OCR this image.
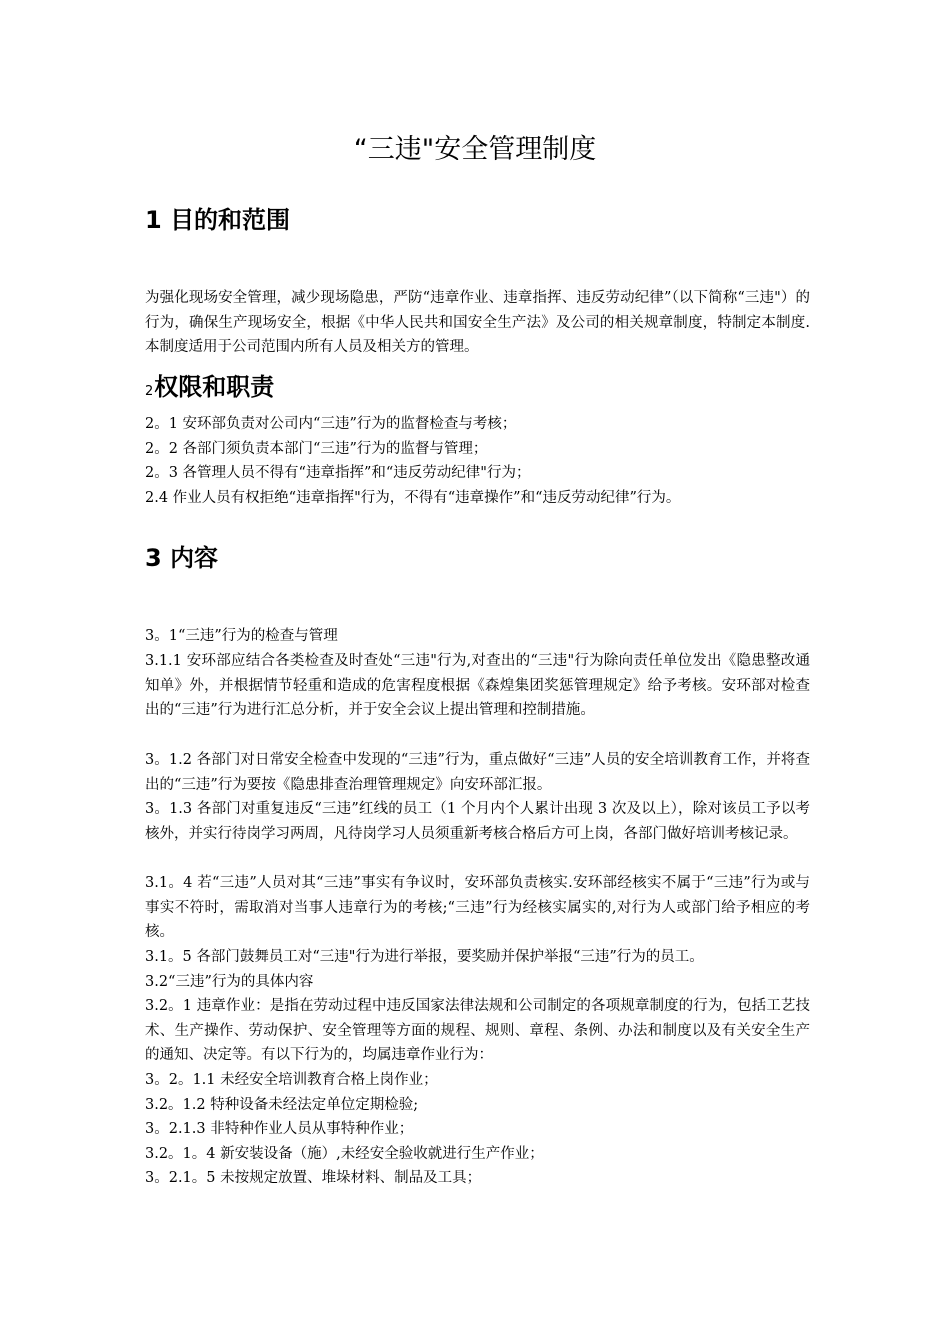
“三违"安全管理制度
1 目的和范围

为强化现场安全管理，减少现场隐患，严防“违章作业、违章指挥、违反劳动纪律”（以下简称“三违"）的行为，确保生产现场安全，根据《中华人民共和国安全生产法》及公司的相关规章制度，特制定本制度.本制度适用于公司范围内所有人员及相关方的管理。

2权限和职责

2。1 安环部负责对公司内“三违”行为的监督检查与考核；

2。2 各部门须负责本部门“三违”行为的监督与管理；

2。3 各管理人员不得有“违章指挥”和“违反劳动纪律"行为；

2.4 作业人员有权拒绝“违章指挥"行为，不得有“违章操作”和“违反劳动纪律”行为。

3 内容

3。1“三违”行为的检查与管理

3.1.1 安环部应结合各类检查及时查处“三违"行为,对查出的“三违"行为除向责任单位发出《隐患整改通知单》外，并根据情节轻重和造成的危害程度根据《森煌集团奖惩管理规定》给予考核。安环部对检查出的“三违”行为进行汇总分析，并于安全会议上提出管理和控制措施。

3。1.2 各部门对日常安全检查中发现的“三违”行为，重点做好“三违”人员的安全培训教育工作，并将查出的“三违”行为要按《隐患排查治理管理规定》向安环部汇报。

3。1.3 各部门对重复违反“三违”红线的员工（1 个月内个人累计出现 3 次及以上），除对该员工予以考核外，并实行待岗学习两周，凡待岗学习人员须重新考核合格后方可上岗，各部门做好培训考核记录。

3.1。4 若“三违”人员对其“三违”事实有争议时，安环部负责核实.安环部经核实不属于“三违”行为或与事实不符时，需取消对当事人违章行为的考核;“三违”行为经核实属实的,对行为人或部门给予相应的考核。

3.1。5 各部门鼓舞员工对“三违"行为进行举报，要奖励并保护举报“三违”行为的员工。

3.2“三违”行为的具体内容

3.2。1 违章作业：是指在劳动过程中违反国家法律法规和公司制定的各项规章制度的行为，包括工艺技术、生产操作、劳动保护、安全管理等方面的规程、规则、章程、条例、办法和制度以及有关安全生产的通知、决定等。有以下行为的，均属违章作业行为：

3。2。1.1 未经安全培训教育合格上岗作业；

3.2。1.2 特种设备未经法定单位定期检验;

3。2.1.3 非特种作业人员从事特种作业；

3.2。1。4 新安装设备（施）,未经安全验收就进行生产作业；

3。2.1。5 未按规定放置、堆垛材料、制品及工具；
